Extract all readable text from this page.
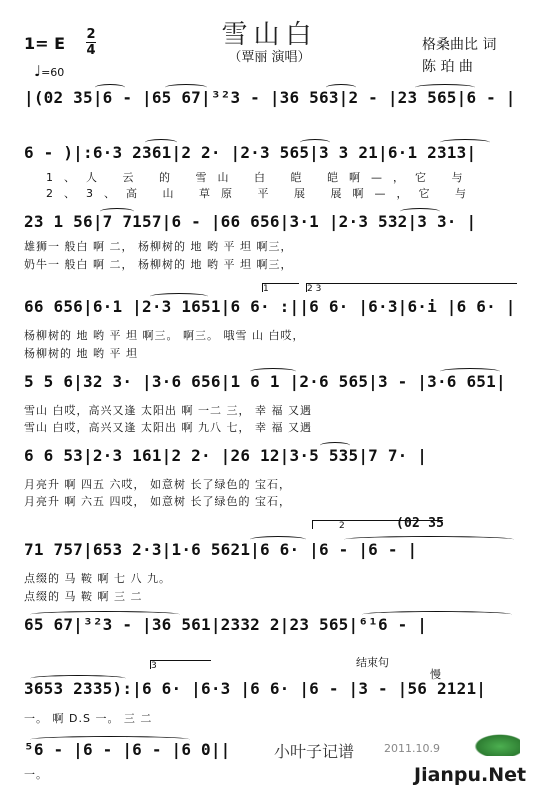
雪山白
（覃丽 演唱）
1= E 2
4
♩=60
格桑曲比 词
陈 珀 曲
|(02 35|6 - |65 67|³²3 - |36 563|2 - |23 565|6 - |
6 - )|:6·3 2361|2 2· |2·3 565|3 3 21|6·1 2313|
1、人 云 的 雪山 白 皑 皑啊—，它 与
2、3、高 山 草原 平 展 展啊—，它 与
23 1 56|7 7157|6 - |66 656|3·1 |2·3 532|3 3· |
雄狮一 般白 啊 二， 杨柳树的 地 哟 平 坦 啊三，
奶牛一 般白 啊 二， 杨柳树的 地 哟 平 坦 啊三，
1	2 3
66 656|6·1 |2·3 1651|6 6· :||6 6· |6·3|6·i |6 6· |
杨柳树的 地 哟 平 坦 啊三。 啊三。 哦雪 山 白哎，
杨柳树的 地 哟 平 坦
5 5 6|32 3· |3·6 656|1 6 1 |2·6 565|3 - |3·6 651|
雪山 白哎，高兴又逢 太阳出 啊 一二 三， 幸 福 又遇
雪山 白哎，高兴又逢 太阳出 啊 九八 七， 幸 福 又遇
6 6 53|2·3 161|2 2· |26 12|3·5 535|7 7· |
月亮升 啊 四五 六哎， 如意树 长了绿色的 宝石，
月亮升 啊 六五 四哎， 如意树 长了绿色的 宝石，
2	(02 35
71 757|653 2·3|1·6 5621|6 6· |6 - |6 - |
点缀的 马 鞍 啊 七 八 九。
点缀的 马 鞍 啊 三 二
65 67|³²3 - |36 561|2332 2|23 565|⁶¹6 - |
3	结束句
慢
3653 2335):|6 6· |6·3 |6 6· |6 - |3 - |56 2121|
一。 啊 D.S 一。 三 二
⁵6 - |6 - |6 - |6 0||
一。
小叶子记谱	2011.10.9
Jianpu.Net
